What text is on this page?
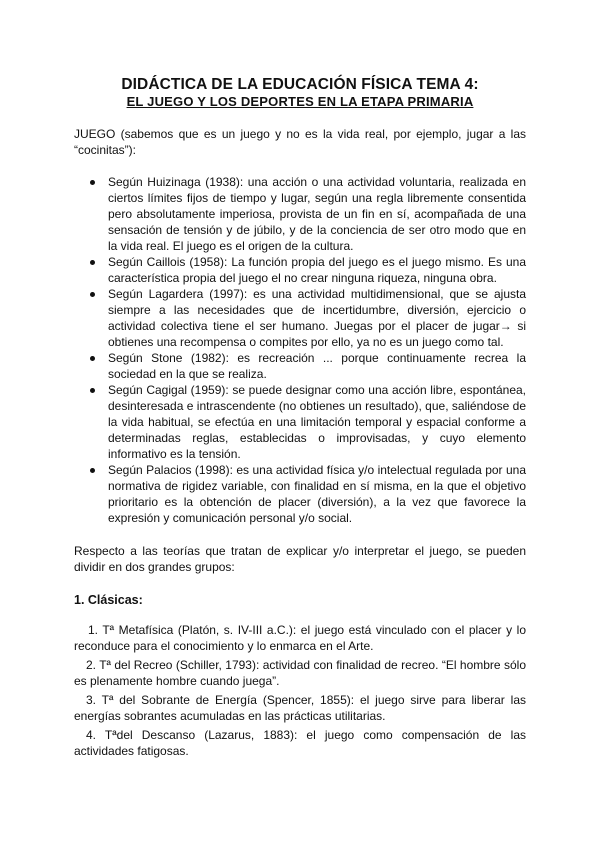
DIDÁCTICA DE LA EDUCACIÓN FÍSICA TEMA 4:
EL JUEGO Y LOS DEPORTES EN LA ETAPA PRIMARIA
JUEGO (sabemos que es un juego y no es la vida real, por ejemplo, jugar a las “cocinitas”):
Según Huizinaga (1938): una acción o una actividad voluntaria, realizada en ciertos límites fijos de tiempo y lugar, según una regla libremente consentida pero absolutamente imperiosa, provista de un fin en sí, acompañada de una sensación de tensión y de júbilo, y de la conciencia de ser otro modo que en la vida real. El juego es el origen de la cultura.
Según Caillois (1958): La función propia del juego es el juego mismo. Es una característica propia del juego el no crear ninguna riqueza, ninguna obra.
Según Lagardera (1997): es una actividad multidimensional, que se ajusta siempre a las necesidades que de incertidumbre, diversión, ejercicio o actividad colectiva tiene el ser humano. Juegas por el placer de jugar→ si obtienes una recompensa o compites por ello, ya no es un juego como tal.
Según Stone (1982): es recreación ... porque continuamente recrea la sociedad en la que se realiza.
Según Cagigal (1959): se puede designar como una acción libre, espontánea, desinteresada e intrascendente (no obtienes un resultado), que, saliéndose de la vida habitual, se efectúa en una limitación temporal y espacial conforme a determinadas reglas, establecidas o improvisadas, y cuyo elemento informativo es la tensión.
Según Palacios (1998): es una actividad física y/o intelectual regulada por una normativa de rigidez variable, con finalidad en sí misma, en la que el objetivo prioritario es la obtención de placer (diversión), a la vez que favorece la expresión y comunicación personal y/o social.
Respecto a las teorías que tratan de explicar y/o interpretar el juego, se pueden dividir en dos grandes grupos:
1. Clásicas:

1. Tª Metafísica (Platón, s. IV-III a.C.): el juego está vinculado con el placer y lo reconduce para el conocimiento y lo enmarca en el Arte.

2. Tª del Recreo (Schiller, 1793): actividad con finalidad de recreo. “El hombre sólo es plenamente hombre cuando juega”.

3. Tª del Sobrante de Energía (Spencer, 1855): el juego sirve para liberar las energías sobrantes acumuladas en las prácticas utilitarias.

4. Tªdel Descanso (Lazarus, 1883): el juego como compensación de las actividades fatigosas.
